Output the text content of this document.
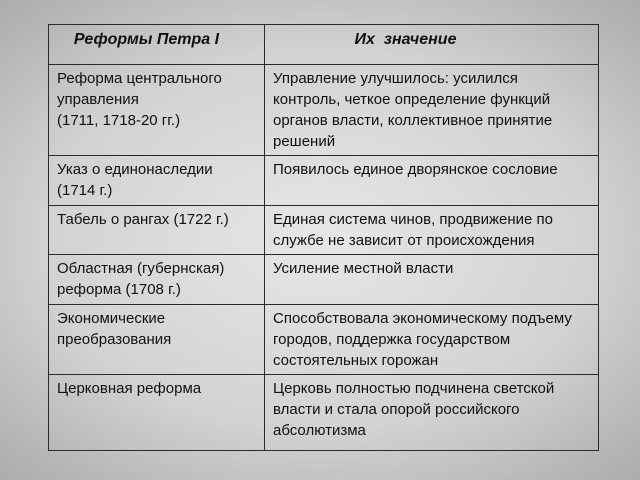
Реформы Петра I	Их  значение

Реформа центрального
управления
(1711, 1718-20 гг.)	Управление улучшилось: усилился
контроль, четкое определение функций
органов власти, коллективное принятие
решений

Указ о единонаследии
(1714 г.)	Появилось единое дворянское сословие

Табель о рангах (1722 г.)	Единая система чинов, продвижение по
службе не зависит от происхождения

Областная (губернская)
реформа (1708 г.)	Усиление местной власти

Экономические
преобразования	Способствовала экономическому подъему
городов, поддержка государством
состоятельных горожан

Церковная реформа	Церковь полностью подчинена светской
власти и стала опорой российского
абсолютизма
